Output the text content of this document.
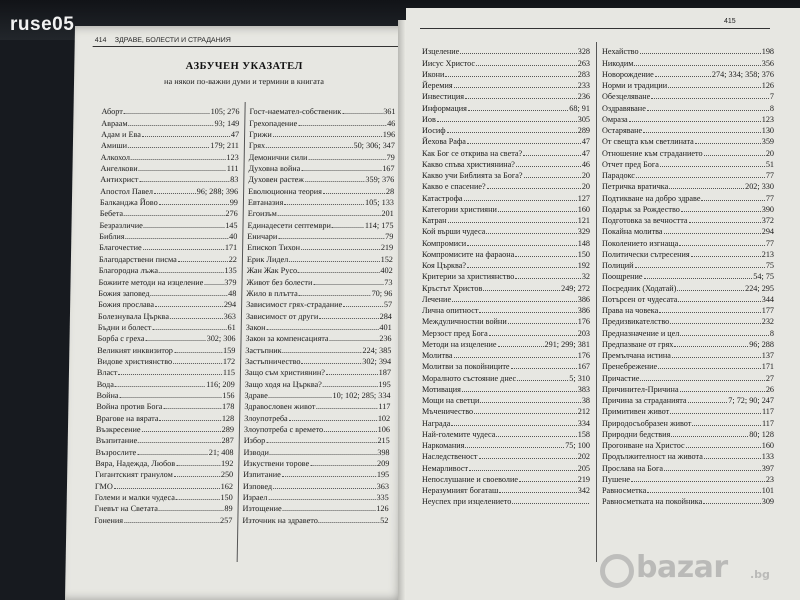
414 ЗДРАВЕ, БОЛЕСТИ И СТРАДАНИЯ
АЗБУЧЕН УКАЗАТЕЛ
на някои по-важни думи и термини в книгата
Аборт	105; 276
Авраам	93; 149
Адам и Ева	47
Амиши	179; 211
Алкохол	123
Ангелкови	111
Антихрист	83
Апостол Павел	96; 288; 396
Балканджа Йово	99
Бебета	276
Безразличие	145
Библия	40
Благочестие	171
Благодарствени писма	22
Благородна лъжа	135
Божиите методи на изцеление	379
Божия заповед	48
Божия прослава	294
Болезнувала Църква	363
Бъдни и болест	61
Борба с греха	302; 306
Великият инквизитор	159
Видове християнство	172
Власт	115
Вода	116; 209
Война	156
Война против Бога	178
Врагове на вярата	128
Възкресение	289
Възпитание	287
Възрослите	21; 408
Вяра, Надежда, Любов	192
Гигантският гранулом	250
ГМО	162
Големи и малки чудеса	150
Гневът на Светата	89
Гонения	257
Гост-наемател-собственик	361
Грехопадение	46
Грижи	196
Грях	50; 306; 347
Демонични сили	79
Духовна война	167
Духовен растеж	359; 376
Еволюционна теория	28
Евтаназия	105; 133
Егоизъм	201
Единадесети септември	114; 175
Еничари	79
Епископ Тихон	219
Ерик Лидел	152
Жан Жак Русо	402
Живот без болести	73
Жило в плътта	70; 96
Зависимост грях-страдание	57
Зависимост от други	284
Закон	401
Закон за компенсацията	236
Застъпник	224; 385
Застъпничество	302; 394
Защо съм християнин?	187
Защо ходя на Църква?	195
Здраве	10; 102; 285; 334
Здравословен живот	117
Злоупотреба	102
Злоупотреба с времето	106
Избор	215
Изводи	398
Изкуствени торове	209
Изпитание	195
Изповед	363
Израел	335
Изтощение	126
Източник на здравето	52
415
Изцеление	328
Иисус Христос	263
Икони	283
Йеремия	233
Инвестиция	236
Информация	68; 91
Иов	305
Иосиф	289
Йехова Рафа	47
Как Бог се открива на света?	47
Какво спъва християнина?	46
Какво учи Библията за Бога?	20
Какво е спасение?	20
Катастрофа	127
Категории християни	160
Катран	121
Кой върши чудеса	329
Компромиси	148
Компромисите на фараона	150
Коя Църква?	192
Критерии за християнство	32
Кръстът Христов	249; 272
Лечение	386
Лична опитност	386
Междуличностни войни	176
Мерзост пред Бога	203
Методи на изцеление	291; 299; 381
Молитва	176
Молитви за покойниците	167
Моралното състояние днес	5; 310
Мотивация	383
Мощи на светци	38
Мъченичество	212
Награда	334
Най-големите чудеса	158
Наркомания	75; 100
Наследственост	202
Немарливост	205
Непослушание и своеволие	219
Неразумният богаташ	342
Неуспех при изцелението
Нехайство	198
Никодим	356
Новорождение	274; 334; 358; 376
Норми и традиции	126
Обезцеляване	7
Оздравяване	8
Омраза	123
Остаряване	130
От свещта към светлината	359
Отношение към страданието	20
Отчет пред Бога	51
Парадокс	77
Петричка вратичка	202; 330
Подтикване на добро здраве	77
Подарък за Рождество	390
Подготовка за вечността	372
Покайна молитва	294
Поколението изгнаща	77
Политически сътресения	213
Полиций	75
Поощрение	54; 75
Посредник (Ходатай)	224; 295
Потърсен от чудесата	344
Права на човека	177
Предизвикателство	232
Предназначение и цел	8
Предпазване от грях	96; 288
Премълчана истина	137
Пренебрежение	171
Причастие	27
Причинител-Причина	26
Причина за страданията	7; 72; 90; 247
Примитивен живот	117
Природосъобразен живот	117
Природни бедствия	80; 128
Прогонване на Христос	160
Продължителност на живота	133
Прослава на Бога	397
Пушене	23
Равносметка	101
Равносметката на покойника	309
ruse05
bazar .bg
